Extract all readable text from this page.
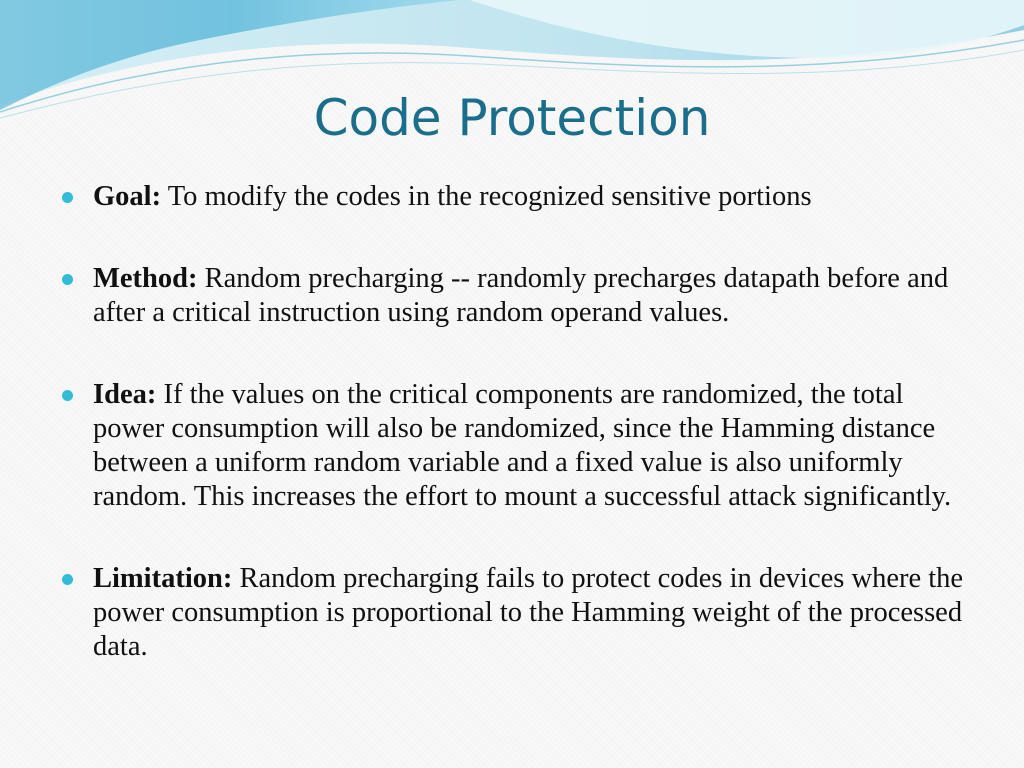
Code Protection
Goal: To modify the codes in the recognized sensitive portions
Method: Random precharging -- randomly precharges datapath before and after a critical instruction using random operand values.
Idea: If the values on the critical components are randomized, the total power consumption will also be randomized, since the Hamming distance between a uniform random variable and a fixed value is also uniformly random. This increases the effort to mount a successful attack significantly.
Limitation: Random precharging fails to protect codes in devices where the power consumption is proportional to the Hamming weight of the processed data.
